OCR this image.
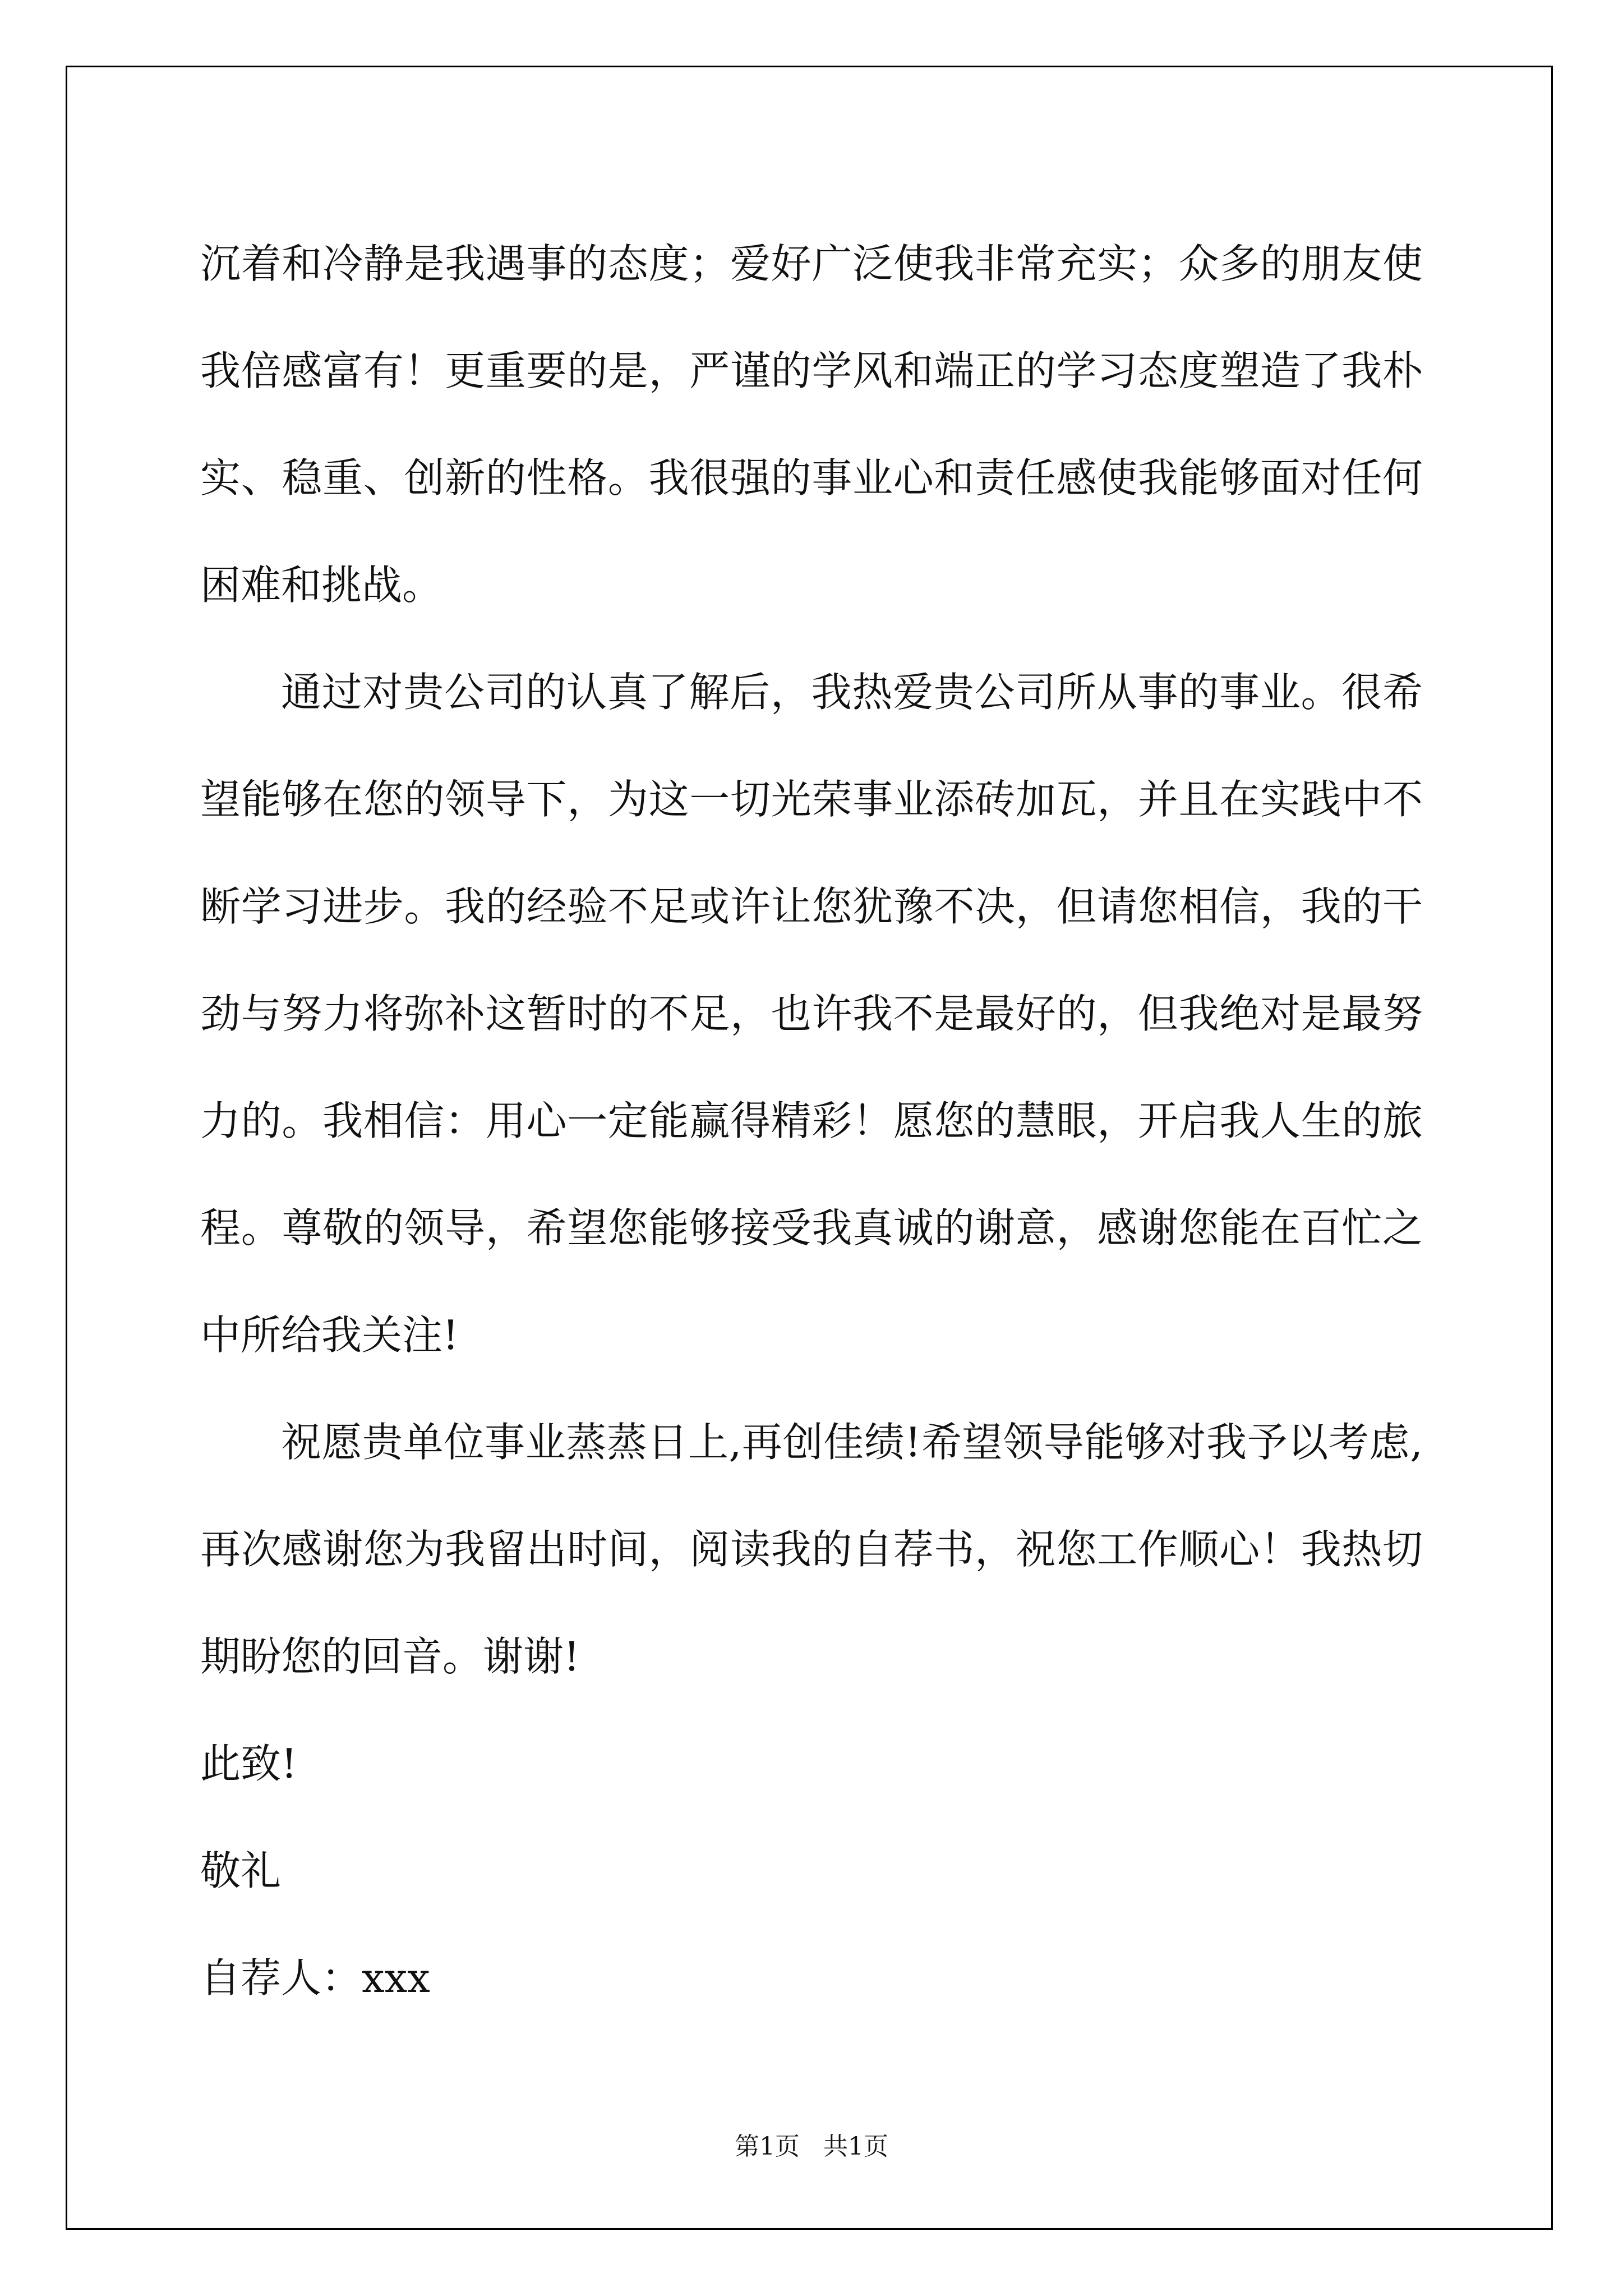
沉着和冷静是我遇事的态度；爱好广泛使我非常充实；众多的朋友使我倍感富有！更重要的是，严谨的学风和端正的学习态度塑造了我朴实、稳重、创新的性格。我很强的事业心和责任感使我能够面对任何困难和挑战。

通过对贵公司的认真了解后，我热爱贵公司所从事的事业。很希望能够在您的领导下，为这一切光荣事业添砖加瓦，并且在实践中不断学习进步。我的经验不足或许让您犹豫不决，但请您相信，我的干劲与努力将弥补这暂时的不足，也许我不是最好的，但我绝对是最努力的。我相信：用心一定能赢得精彩！愿您的慧眼，开启我人生的旅程。尊敬的领导，希望您能够接受我真诚的谢意，感谢您能在百忙之中所给我关注!

祝愿贵单位事业蒸蒸日上,再创佳绩!希望领导能够对我予以考虑,再次感谢您为我留出时间，阅读我的自荐书，祝您工作顺心！我热切期盼您的回音。谢谢!

此致!

敬礼

自荐人：xxx

第1页   共1页
